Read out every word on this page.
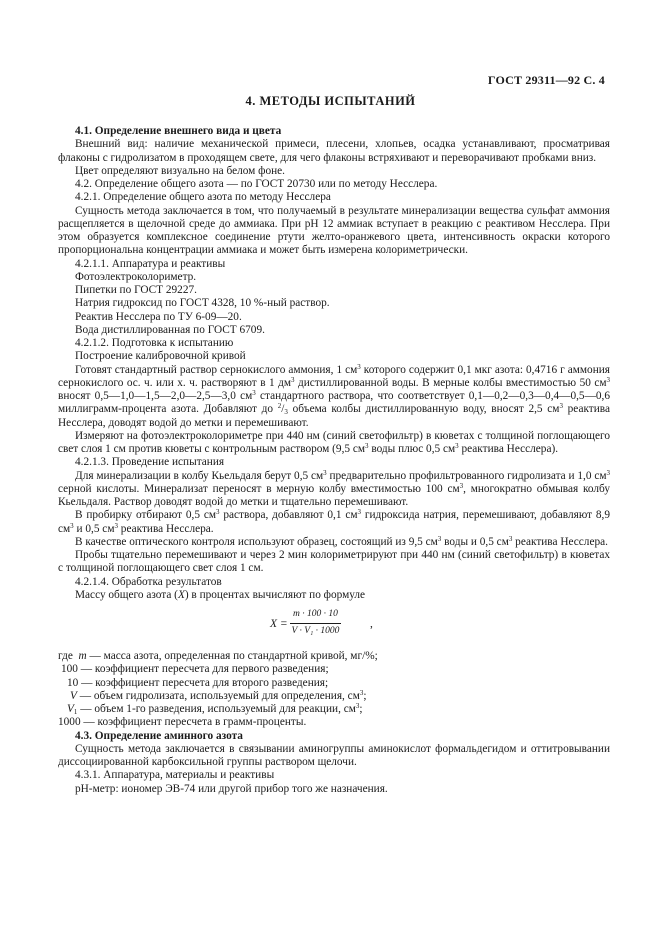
ГОСТ 29311—92 С. 4
4. МЕТОДЫ ИСПЫТАНИЙ

4.1. Определение внешнего вида и цвета

Внешний вид: наличие механической примеси, плесени, хлопьев, осадка устанавливают, просматривая флаконы с гидролизатом в проходящем свете, для чего флаконы встряхивают и переворачивают пробками вниз.

Цвет определяют визуально на белом фоне.

4.2. Определение общего азота — по ГОСТ 20730 или по методу Несслера.

4.2.1. Определение общего азота по методу Несслера

Сущность метода заключается в том, что получаемый в результате минерализации вещества сульфат аммония расщепляется в щелочной среде до аммиака. При рН 12 аммиак вступает в реакцию с реактивом Несслера. При этом образуется комплексное соединение ртути желто-оранжевого цвета, интенсивность окраски которого пропорциональна концентрации аммиака и может быть измерена колориметрически.

4.2.1.1. Аппаратура и реактивы

Фотоэлектроколориметр.

Пипетки по ГОСТ 29227.

Натрия гидроксид по ГОСТ 4328, 10 %-ный раствор.

Реактив Несслера по ТУ 6-09—20.

Вода дистиллированная по ГОСТ 6709.

4.2.1.2. Подготовка к испытанию

Построение калибровочной кривой

Готовят стандартный раствор сернокислого аммония, 1 $см^3$ которого содержит 0,1 мкг азота: 0,4716 г аммония сернокислого ос. ч. или х. ч. растворяют в 1 $дм^3$ дистиллированной воды. В мерные колбы вместимостью 50 $см^3$ вносят 0,5—1,0—1,5—2,0—2,5—3,0 $см^3$ стандартного раствора, что соответствует 0,1—0,2—0,3—0,4—0,5—0,6 миллиграмм-процента азота. Добавляют до $^2/_3$ объема колбы дистиллированную воду, вносят 2,5 $см^3$ реактива Несслера, доводят водой до метки и перемешивают.

Измеряют на фотоэлектроколориметре при 440 нм (синий светофильтр) в кюветах с толщиной поглощающего свет слоя 1 см против кюветы с контрольным раствором (9,5 $см^3$ воды плюс 0,5 $см^3$ реактива Несслера).

4.2.1.3. Проведение испытания

Для минерализации в колбу Кьельдаля берут 0,5 $см^3$ предварительно профильтрованного гидролизата и 1,0 $см^3$ серной кислоты. Минерализат переносят в мерную колбу вместимостью 100 $см^3$, многократно обмывая колбу Кьельдаля. Раствор доводят водой до метки и тщательно перемешивают.

В пробирку отбирают 0,5 $см^3$ раствора, добавляют 0,1 $см^3$ гидроксида натрия, перемешивают, добавляют 8,9 $см^3$ и 0,5 $см^3$ реактива Несслера.

В качестве оптического контроля используют образец, состоящий из 9,5 $см^3$ воды и 0,5 $см^3$ реактива Несслера.

Пробы тщательно перемешивают и через 2 мин колориметрируют при 440 нм (синий светофильтр) в кюветах с толщиной поглощающего свет слоя 1 см.

4.2.1.4. Обработка результатов

Массу общего азота (X) в процентах вычисляют по формуле

$X = \frac{m \cdot 100 \cdot 10}{\text{V · V₁ · 1000}}$	,

где m — масса азота, определенная по стандартной кривой, мг/%;

100 — коэффициент пересчета для первого разведения;

10 — коэффициент пересчета для второго разведения;

V — объем гидролизата, используемый для определения, $см^3$;

$V_1$ — объем 1-го разведения, используемый для реакции, $см^3$;

1000 — коэффициент пересчета в грамм-проценты.

4.3. Определение аминного азота

Сущность метода заключается в связывании аминогруппы аминокислот формальдегидом и оттитровывании диссоциированной карбоксильной группы раствором щелочи.

4.3.1. Аппаратура, материалы и реактивы

рН-метр: иономер ЭВ-74 или другой прибор того же назначения.
